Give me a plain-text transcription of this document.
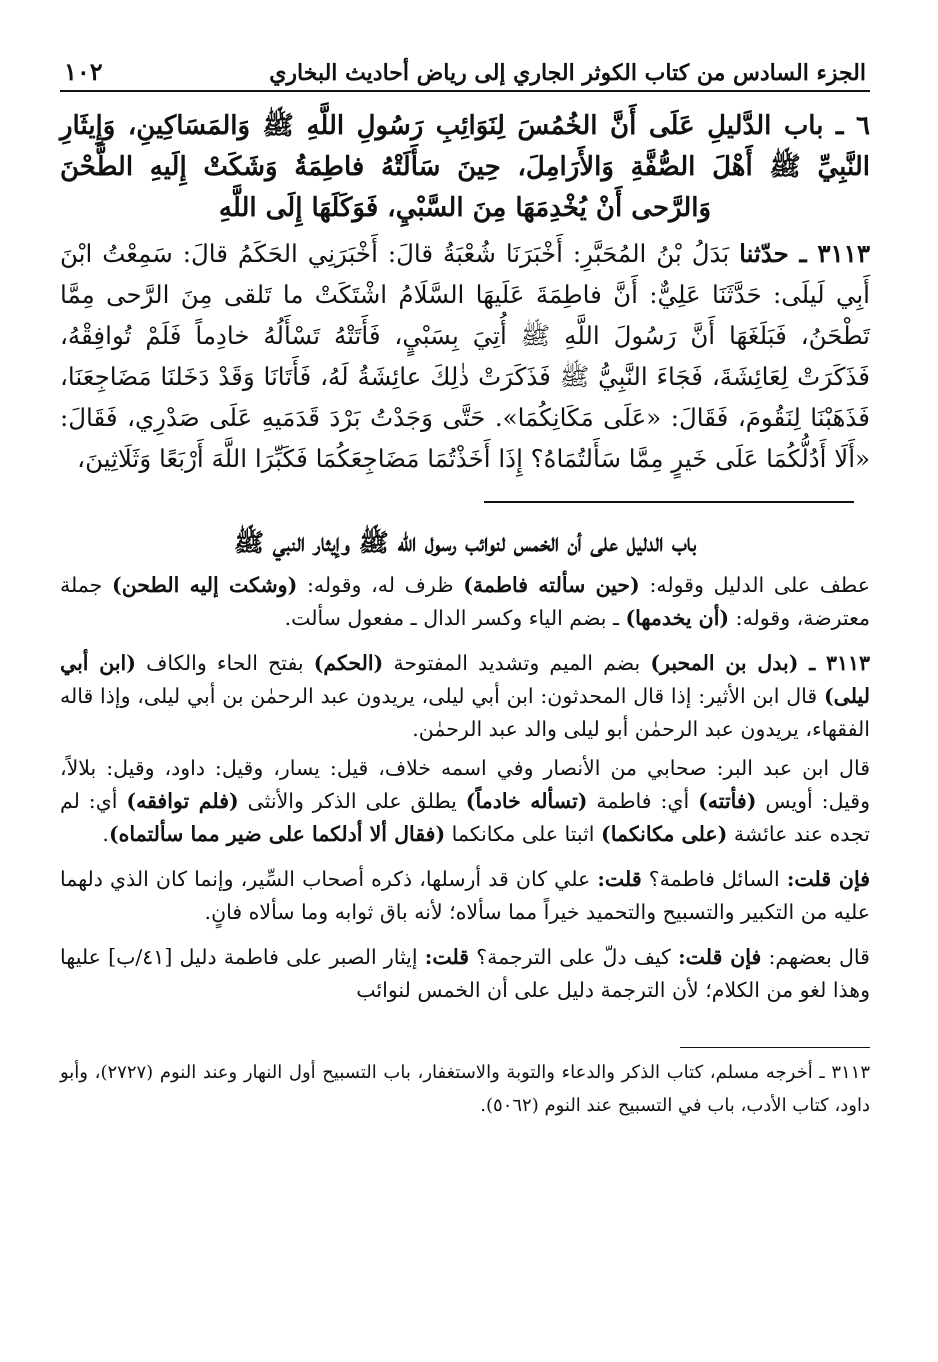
الجزء السادس من كتاب الكوثر الجاري إلى رياض أحاديث البخاري
١٠٢
٦ ـ باب الدَّليلِ عَلَى أَنَّ الخُمُسَ لِنَوَائِبِ رَسُولِ اللَّهِ ﷺ وَالمَسَاكِينِ، وَإِيثَارِ النَّبِيِّ ﷺ أَهْلَ الصُّفَّةِ وَالأَرَامِلَ، حِينَ سَأَلَتْهُ فاطِمَةُ وَشَكَتْ إِلَيهِ الطَّحْنَ وَالرَّحى أَنْ يُخْدِمَهَا مِنَ السَّبْيِ، فَوَكَلَهَا إِلَى اللَّهِ
٣١١٣ ـ حدّثنا بَدَلُ بْنُ المُحَبَّرِ: أَخْبَرَنَا شُعْبَةُ قالَ: أَخْبَرَنِي الحَكَمُ قالَ: سَمِعْتُ ابْنَ أَبِي لَيلَى: حَدَّثَنَا عَلِيٌّ: أَنَّ فاطِمَةَ عَلَيهَا السَّلَامُ اشْتَكَتْ ما تَلقى مِنَ الرَّحى مِمَّا تَطْحَنُ، فَبَلَغَهَا أَنَّ رَسُولَ اللَّهِ ﷺ أُتِيَ بِسَبْيٍ، فَأَتَتْهُ تَسْأَلُهُ خادِماً فَلَمْ تُوافِقْهُ، فَذَكَرَتْ لِعَائِشَةَ، فَجَاءَ النَّبِيُّ ﷺ فَذَكَرَتْ ذٰلِكَ عائِشَةُ لَهُ، فَأَتَانَا وَقَدْ دَخَلنَا مَضَاجِعَنَا، فَذَهَبْنَا لِنَقُومَ، فَقَالَ: «عَلَى مَكَانِكُمَا». حَتَّى وَجَدْتُ بَرْدَ قَدَمَيهِ عَلَى صَدْرِي، فَقَالَ: «أَلَا أَدُلُّكُمَا عَلَى خَيرٍ مِمَّا سَأَلتُمَاهُ؟ إِذَا أَخَذْتُمَا مَضَاجِعَكُمَا فَكَبِّرَا اللَّهَ أَرْبَعًا وَثَلَاثِينَ،
باب الدليل على أن الخمس لنوائب رسول الله ﷺ وإيثار النبي ﷺ
عطف على الدليل وقوله: (حين سألته فاطمة) ظرف له، وقوله: (وشكت إليه الطحن) جملة معترضة، وقوله: (أن يخدمها) ـ بضم الياء وكسر الدال ـ مفعول سألت.
٣١١٣ ـ (بدل بن المحبر) بضم الميم وتشديد المفتوحة (الحكم) بفتح الحاء والكاف (ابن أبي ليلى) قال ابن الأثير: إذا قال المحدثون: ابن أبي ليلى، يريدون عبد الرحمٰن بن أبي ليلى، وإذا قاله الفقهاء، يريدون عبد الرحمٰن أبو ليلى والد عبد الرحمٰن.
قال ابن عبد البر: صحابي من الأنصار وفي اسمه خلاف، قيل: يسار، وقيل: داود، وقيل: بلالاً، وقيل: أويس (فأتته) أي: فاطمة (تسأله خادماً) يطلق على الذكر والأنثى (فلم توافقه) أي: لم تجده عند عائشة (على مكانكما) اثبتا على مكانكما (فقال ألا أدلكما على ضير مما سألتماه).
فإن قلت: السائل فاطمة؟ قلت: علي كان قد أرسلها، ذكره أصحاب السِّير، وإنما كان الذي دلهما عليه من التكبير والتسبيح والتحميد خيراً مما سألاه؛ لأنه باق ثوابه وما سألاه فانٍ.
قال بعضهم: فإن قلت: كيف دلّ على الترجمة؟ قلت: إيثار الصبر على فاطمة دليل [٤١/ب] عليها وهذا لغو من الكلام؛ لأن الترجمة دليل على أن الخمس لنوائب
٣١١٣ ـ أخرجه مسلم، كتاب الذكر والدعاء والتوبة والاستغفار، باب التسبيح أول النهار وعند النوم (٢٧٢٧)، وأبو داود، كتاب الأدب، باب في التسبيح عند النوم (٥٠٦٢).
